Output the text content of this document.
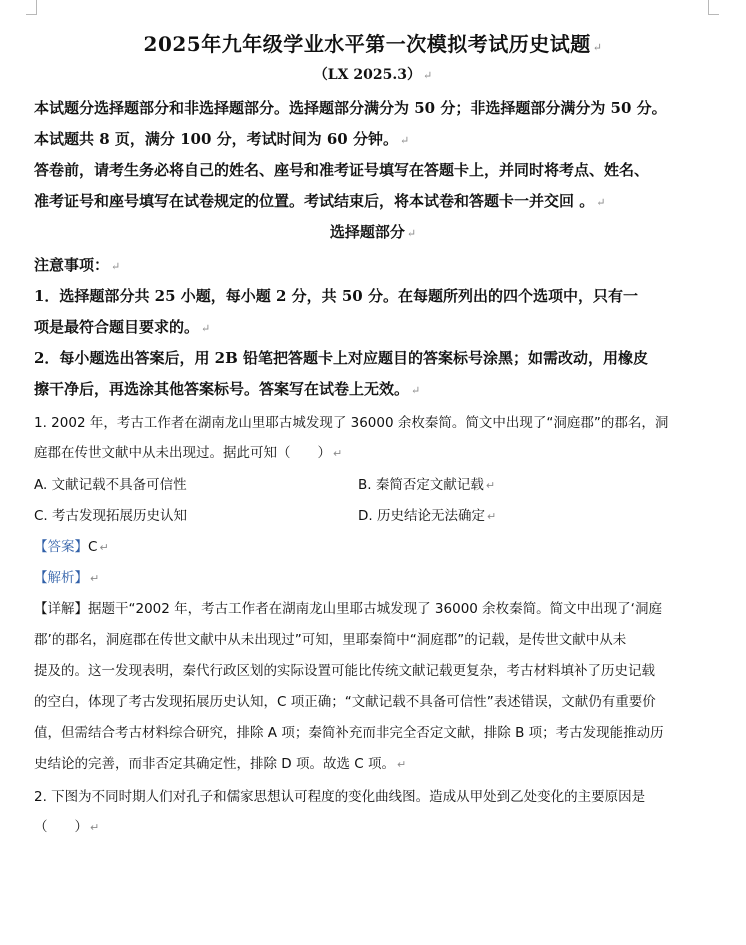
2025年九年级学业水平第一次模拟考试历史试题 ↵
（LX 2025.3） ↵
本试题分选择题部分和非选择题部分。选择题部分满分为 50 分；非选择题部分满分为 50 分。
本试题共 8 页，满分 100 分，考试时间为 60 分钟。 ↵
答卷前，请考生务必将自己的姓名、座号和准考证号填写在答题卡上，并同时将考点、姓名、
准考证号和座号填写在试卷规定的位置。考试结束后，将本试卷和答题卡一并交回 。 ↵
选择题部分 ↵
注意事项： ↵
1．选择题部分共 25 小题，每小题 2 分，共 50 分。在每题所列出的四个选项中，只有一
项是最符合题目要求的。 ↵
2．每小题选出答案后，用 2B 铅笔把答题卡上对应题目的答案标号涂黑；如需改动，用橡皮
擦干净后，再选涂其他答案标号。答案写在试卷上无效。 ↵
1. 2002 年，考古工作者在湖南龙山里耶古城发现了 36000 余枚秦简。简文中出现了“洞庭郡”的郡名，洞
庭郡在传世文献中从未出现过。据此可知（　　） ↵
A. 文献记载不具备可信性	B. 秦简否定文献记载 ↵
C. 考古发现拓展历史认知	D. 历史结论无法确定 ↵
【答案】C ↵
【解析】 ↵
【详解】据题干“2002 年，考古工作者在湖南龙山里耶古城发现了 36000 余枚秦简。简文中出现了‘洞庭
郡’的郡名，洞庭郡在传世文献中从未出现过”可知，里耶秦简中“洞庭郡”的记载，是传世文献中从未
提及的。这一发现表明，秦代行政区划的实际设置可能比传统文献记载更复杂，考古材料填补了历史记载
的空白，体现了考古发现拓展历史认知，C 项正确；“文献记载不具备可信性”表述错误，文献仍有重要价
值，但需结合考古材料综合研究，排除 A 项；秦简补充而非完全否定文献，排除 B 项；考古发现能推动历
史结论的完善，而非否定其确定性，排除 D 项。故选 C 项。 ↵
2. 下图为不同时期人们对孔子和儒家思想认可程度的变化曲线图。造成从甲处到乙处变化的主要原因是
（　　） ↵
